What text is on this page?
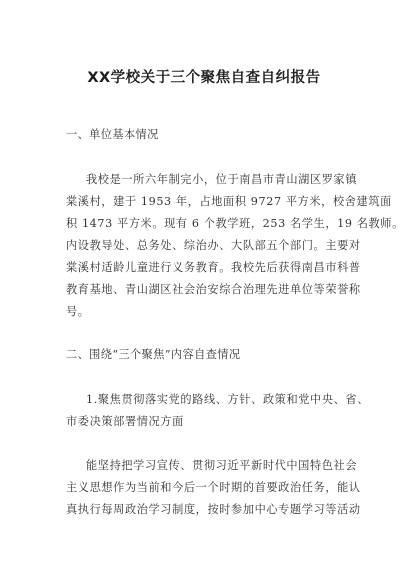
XX学校关于三个聚焦自查自纠报告
一、单位基本情况
我校是一所六年制完小，位于南昌市青山湖区罗家镇
棠溪村，建于 1953 年，占地面积 9727 平方米，校舍建筑面
积 1473 平方米。现有 6 个教学班，253 名学生，19 名教师。
内设教导处、总务处、综治办、大队部五个部门。主要对
棠溪村适龄儿童进行义务教育。我校先后获得南昌市科普
教育基地、青山湖区社会治安综合治理先进单位等荣誉称
号。
二、围绕“三个聚焦”内容自查情况
1.聚焦贯彻落实党的路线、方针、政策和党中央、省、
市委决策部署情况方面
能坚持把学习宣传、贯彻习近平新时代中国特色社会
主义思想作为当前和今后一个时期的首要政治任务，能认
真执行每周政治学习制度，按时参加中心专题学习等活动
